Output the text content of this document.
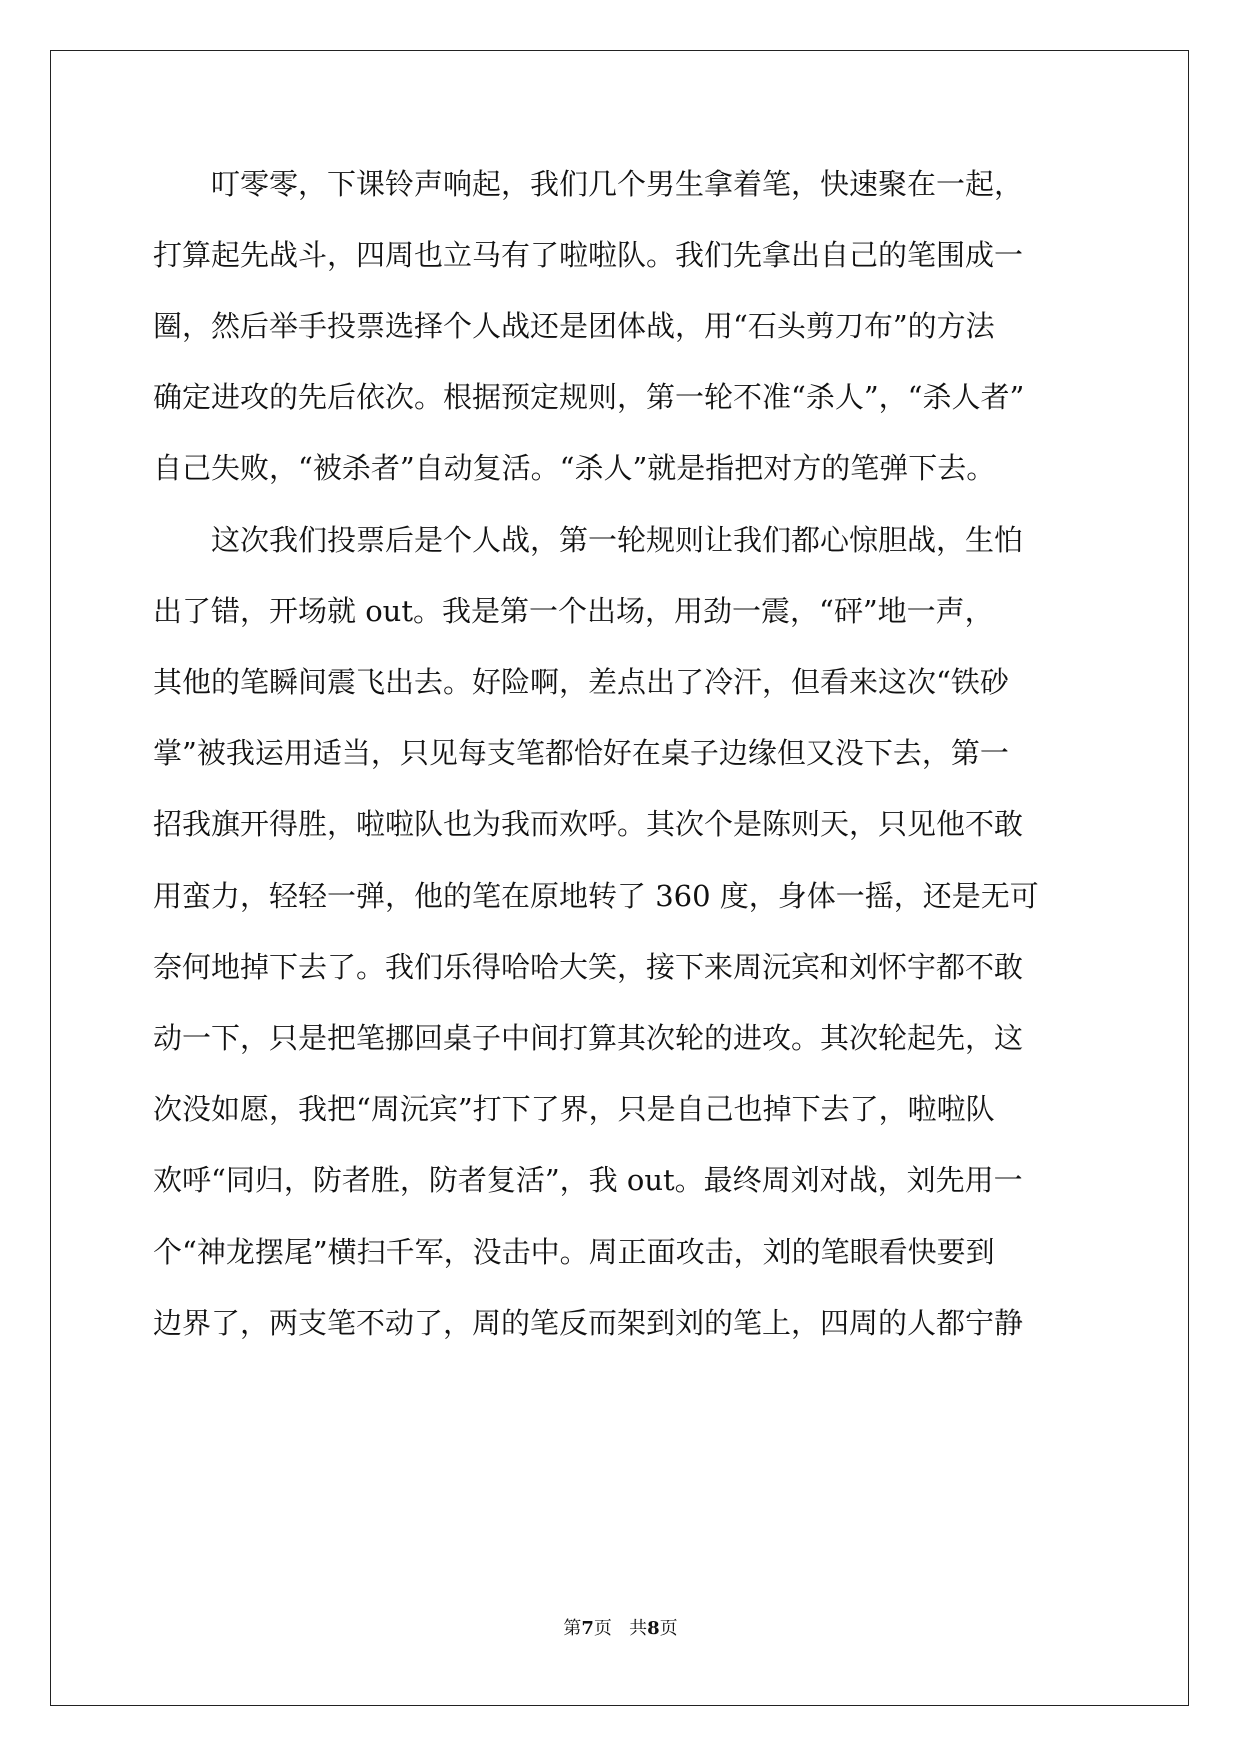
叮零零，下课铃声响起，我们几个男生拿着笔，快速聚在一起，
打算起先战斗，四周也立马有了啦啦队。我们先拿出自己的笔围成一
圈，然后举手投票选择个人战还是团体战，用“石头剪刀布”的方法
确定进攻的先后依次。根据预定规则，第一轮不准“杀人”，“杀人者”
自己失败，“被杀者”自动复活。“杀人”就是指把对方的笔弹下去。
这次我们投票后是个人战，第一轮规则让我们都心惊胆战，生怕
出了错，开场就 out。我是第一个出场，用劲一震，“砰”地一声，
其他的笔瞬间震飞出去。好险啊，差点出了冷汗，但看来这次“铁砂
掌”被我运用适当，只见每支笔都恰好在桌子边缘但又没下去，第一
招我旗开得胜，啦啦队也为我而欢呼。其次个是陈则天，只见他不敢
用蛮力，轻轻一弹，他的笔在原地转了 360 度，身体一摇，还是无可
奈何地掉下去了。我们乐得哈哈大笑，接下来周沅宾和刘怀宇都不敢
动一下，只是把笔挪回桌子中间打算其次轮的进攻。其次轮起先，这
次没如愿，我把“周沅宾”打下了界，只是自己也掉下去了，啦啦队
欢呼“同归，防者胜，防者复活”，我 out。最终周刘对战，刘先用一
个“神龙摆尾”横扫千军，没击中。周正面攻击，刘的笔眼看快要到
边界了，两支笔不动了，周的笔反而架到刘的笔上，四周的人都宁静
第7页 共8页
